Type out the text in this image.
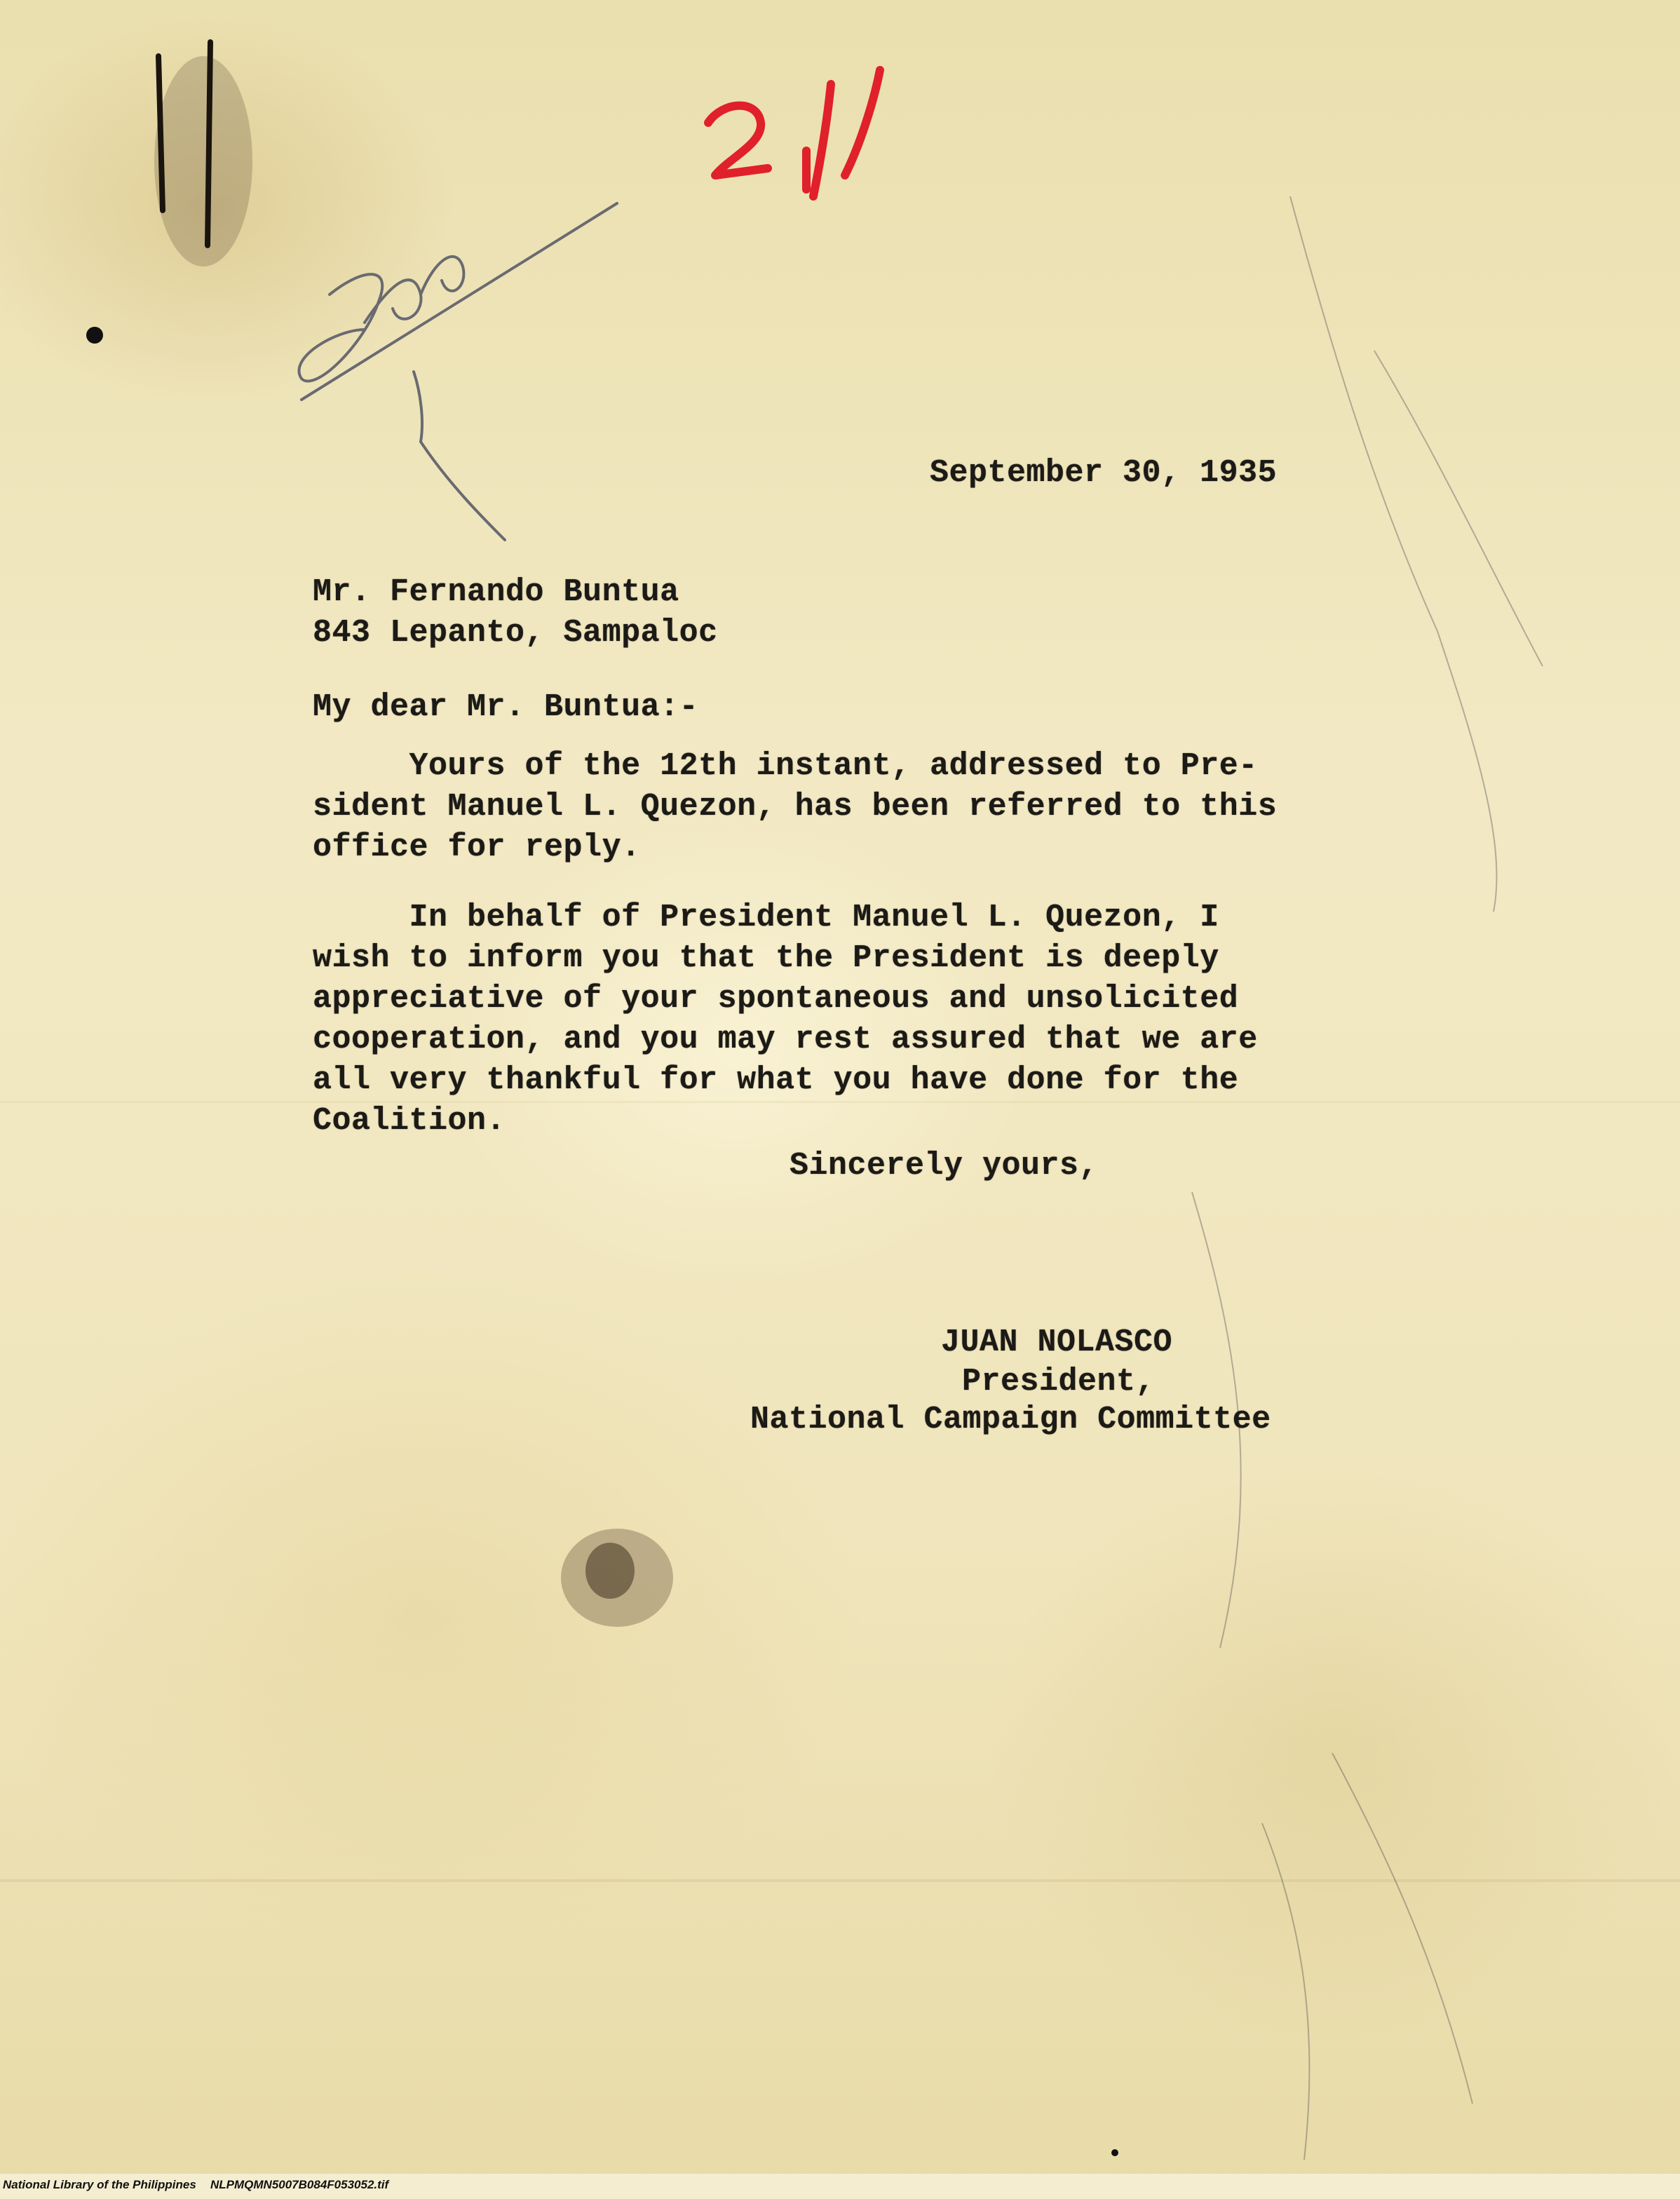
September 30, 1935

Mr. Fernando Buntua

843 Lepanto, Sampaloc

My dear Mr. Buntua:-

Yours of the 12th instant, addressed to Pre-
sident Manuel L. Quezon, has been referred to this
office for reply.

In behalf of President Manuel L. Quezon, I
wish to inform you that the President is deeply
appreciative of your spontaneous and unsolicited
cooperation, and you may rest assured that we are
all very thankful for what you have done for the
Coalition.

Sincerely yours,

JUAN NOLASCO

President,

National Campaign Committee

National Library of the Philippines NLPMQMN5007B084F053052.tif
